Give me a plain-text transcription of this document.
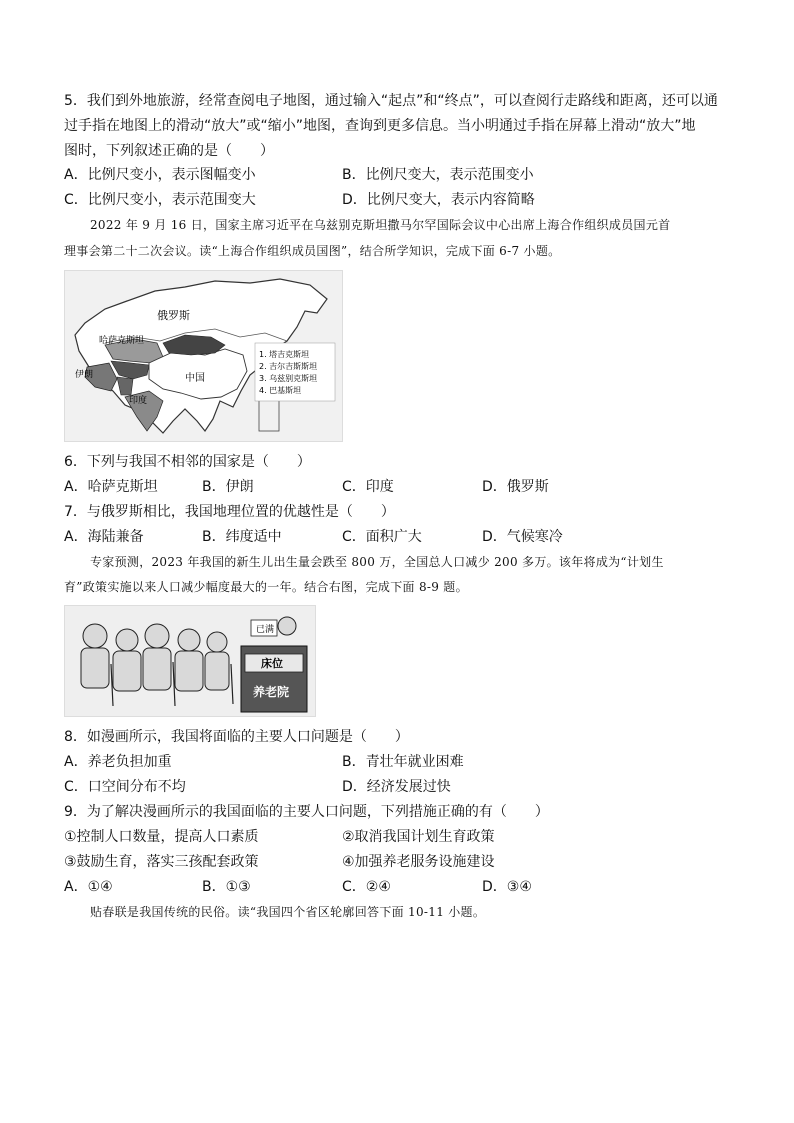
5．我们到外地旅游，经常查阅电子地图，通过输入“起点”和“终点”，可以查阅行走路线和距离，还可以通
过手指在地图上的滑动“放大”或“缩小”地图，查询到更多信息。当小明通过手指在屏幕上滑动“放大”地
图时，下列叙述正确的是（　　）
A．比例尺变小，表示图幅变小	B．比例尺变大，表示范围变小
C．比例尺变小，表示范围变大	D．比例尺变大，表示内容简略
2022 年 9 月 16 日，国家主席习近平在乌兹别克斯坦撒马尔罕国际会议中心出席上海合作组织成员国元首
理事会第二十二次会议。读“上海合作组织成员国图”，结合所学知识，完成下面 6-7 小题。
俄罗斯
哈萨克斯坦
伊朗	中国
印度
1. 塔吉克斯坦
2. 吉尔吉斯斯坦
3. 乌兹别克斯坦
4. 巴基斯坦
6．下列与我国不相邻的国家是（　　）
A．哈萨克斯坦	B．伊朗	C．印度	D．俄罗斯
7．与俄罗斯相比，我国地理位置的优越性是（　　）
A．海陆兼备	B．纬度适中	C．面积广大	D．气候寒冷
专家预测，2023 年我国的新生儿出生量会跌至 800 万，全国总人口减少 200 多万。该年将成为“计划生
育”政策实施以来人口减少幅度最大的一年。结合右图，完成下面 8-9 题。
床位
养老院
已满
8．如漫画所示，我国将面临的主要人口问题是（　　）
A．养老负担加重	B．青壮年就业困难
C．口空间分布不均	D．经济发展过快
9．为了解决漫画所示的我国面临的主要人口问题，下列措施正确的有（　　）
①控制人口数量，提高人口素质	②取消我国计划生育政策
③鼓励生育，落实三孩配套政策	④加强养老服务设施建设
A．①④	B．①③	C．②④	D．③④
贴春联是我国传统的民俗。读“我国四个省区轮廓回答下面 10-11 小题。
